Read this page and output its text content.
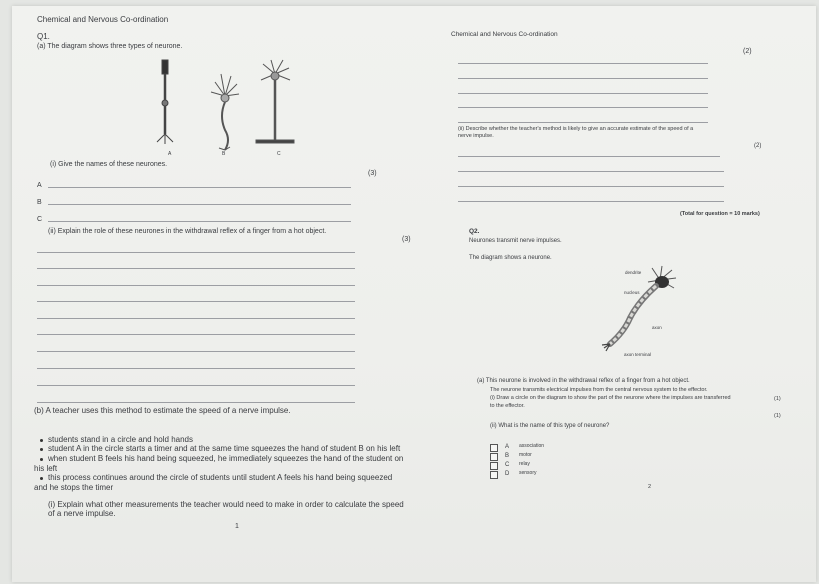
Chemical and Nervous Co-ordination
Q1.
(a) The diagram shows three types of neurone.
A	B	C
(i) Give the names of these neurones.
(3)
A
B
C
(ii) Explain the role of these neurones in the withdrawal reflex of a finger from a hot object.
(3)
(b) A teacher uses this method to estimate the speed of a nerve impulse.
students stand in a circle and hold hands
student A in the circle starts a timer and at the same time squeezes the hand of student B on his left
when student B feels his hand being squeezed, he immediately squeezes the hand of the student on
his left
this process continues around the circle of students until student A feels his hand being squeezed
and he stops the timer
(i) Explain what other measurements the teacher would need to make in order to calculate the speed
of a nerve impulse.
1
Chemical and Nervous Co-ordination
(2)
(ii) Describe whether the teacher's method is likely to give an accurate estimate of the speed of a
nerve impulse.
(2)
(Total for question = 10 marks)
Q2.
Neurones transmit nerve impulses.
The diagram shows a neurone.
dendrite
nucleus
axon
axon terminal
(a) This neurone is involved in the withdrawal reflex of a finger from a hot object.
The neurone transmits electrical impulses from the central nervous system to the effector.
(i) Draw a circle on the diagram to show the part of the neurone where the impulses are transferred
to the effector.
(1)
(ii) What is the name of this type of neurone?
(1)
A association
B motor
C relay
D sensory
2
